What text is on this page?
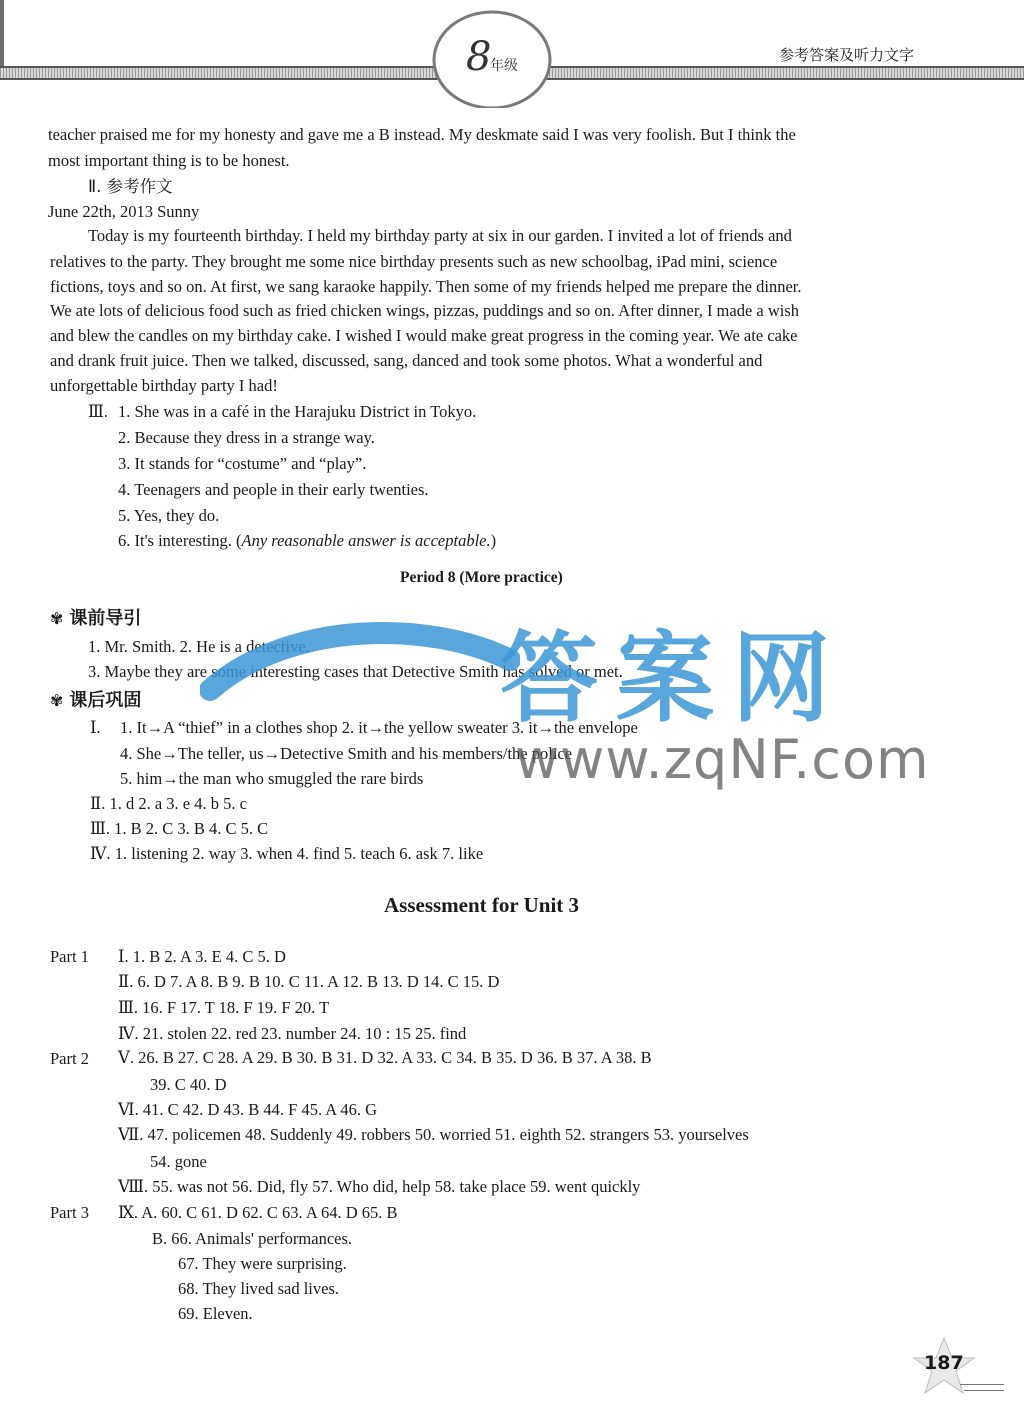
8
年级
参考答案及听力文字
teacher praised me for my honesty and gave me a B instead. My deskmate said I was very foolish. But I think the
most important thing is to be honest.
Ⅱ. 参考作文
June 22th, 2013 Sunny
Today is my fourteenth birthday. I held my birthday party at six in our garden. I invited a lot of friends and
relatives to the party. They brought me some nice birthday presents such as new schoolbag, iPad mini, science
fictions, toys and so on. At first, we sang karaoke happily. Then some of my friends helped me prepare the dinner.
We ate lots of delicious food such as fried chicken wings, pizzas, puddings and so on. After dinner, I made a wish
and blew the candles on my birthday cake. I wished I would make great progress in the coming year. We ate cake
and drank fruit juice. Then we talked, discussed, sang, danced and took some photos. What a wonderful and
unforgettable birthday party I had!
Ⅲ. 1. She was in a café in the Harajuku District in Tokyo.
2. Because they dress in a strange way.
3. It stands for “costume” and “play”.
4. Teenagers and people in their early twenties.
5. Yes, they do.
6. It's interesting. (Any reasonable answer is acceptable.)
Period 8 (More practice)
✾ 课前导引
1. Mr. Smith. 2. He is a detective.
3. Maybe they are some interesting cases that Detective Smith has solved or met.
✾ 课后巩固
Ⅰ. 1. It→A “thief” in a clothes shop 2. it→the yellow sweater 3. it→the envelope
4. She→The teller, us→Detective Smith and his members/the police
5. him→the man who smuggled the rare birds
Ⅱ. 1. d 2. a 3. e 4. b 5. c
Ⅲ. 1. B 2. C 3. B 4. C 5. C
Ⅳ. 1. listening 2. way 3. when 4. find 5. teach 6. ask 7. like
Assessment for Unit 3
Part 1 Ⅰ. 1. B 2. A 3. E 4. C 5. D
Ⅱ. 6. D 7. A 8. B 9. B 10. C 11. A 12. B 13. D 14. C 15. D
Ⅲ. 16. F 17. T 18. F 19. F 20. T
Ⅳ. 21. stolen 22. red 23. number 24. 10 : 15 25. find
Part 2 Ⅴ. 26. B 27. C 28. A 29. B 30. B 31. D 32. A 33. C 34. B 35. D 36. B 37. A 38. B
39. C 40. D
Ⅵ. 41. C 42. D 43. B 44. F 45. A 46. G
Ⅶ. 47. policemen 48. Suddenly 49. robbers 50. worried 51. eighth 52. strangers 53. yourselves
54. gone
Ⅷ. 55. was not 56. Did, fly 57. Who did, help 58. take place 59. went quickly
Part 3 Ⅸ. A. 60. C 61. D 62. C 63. A 64. D 65. B
B. 66. Animals' performances.
67. They were surprising.
68. They lived sad lives.
69. Eleven.
答案网
www.zqNF.com
187
